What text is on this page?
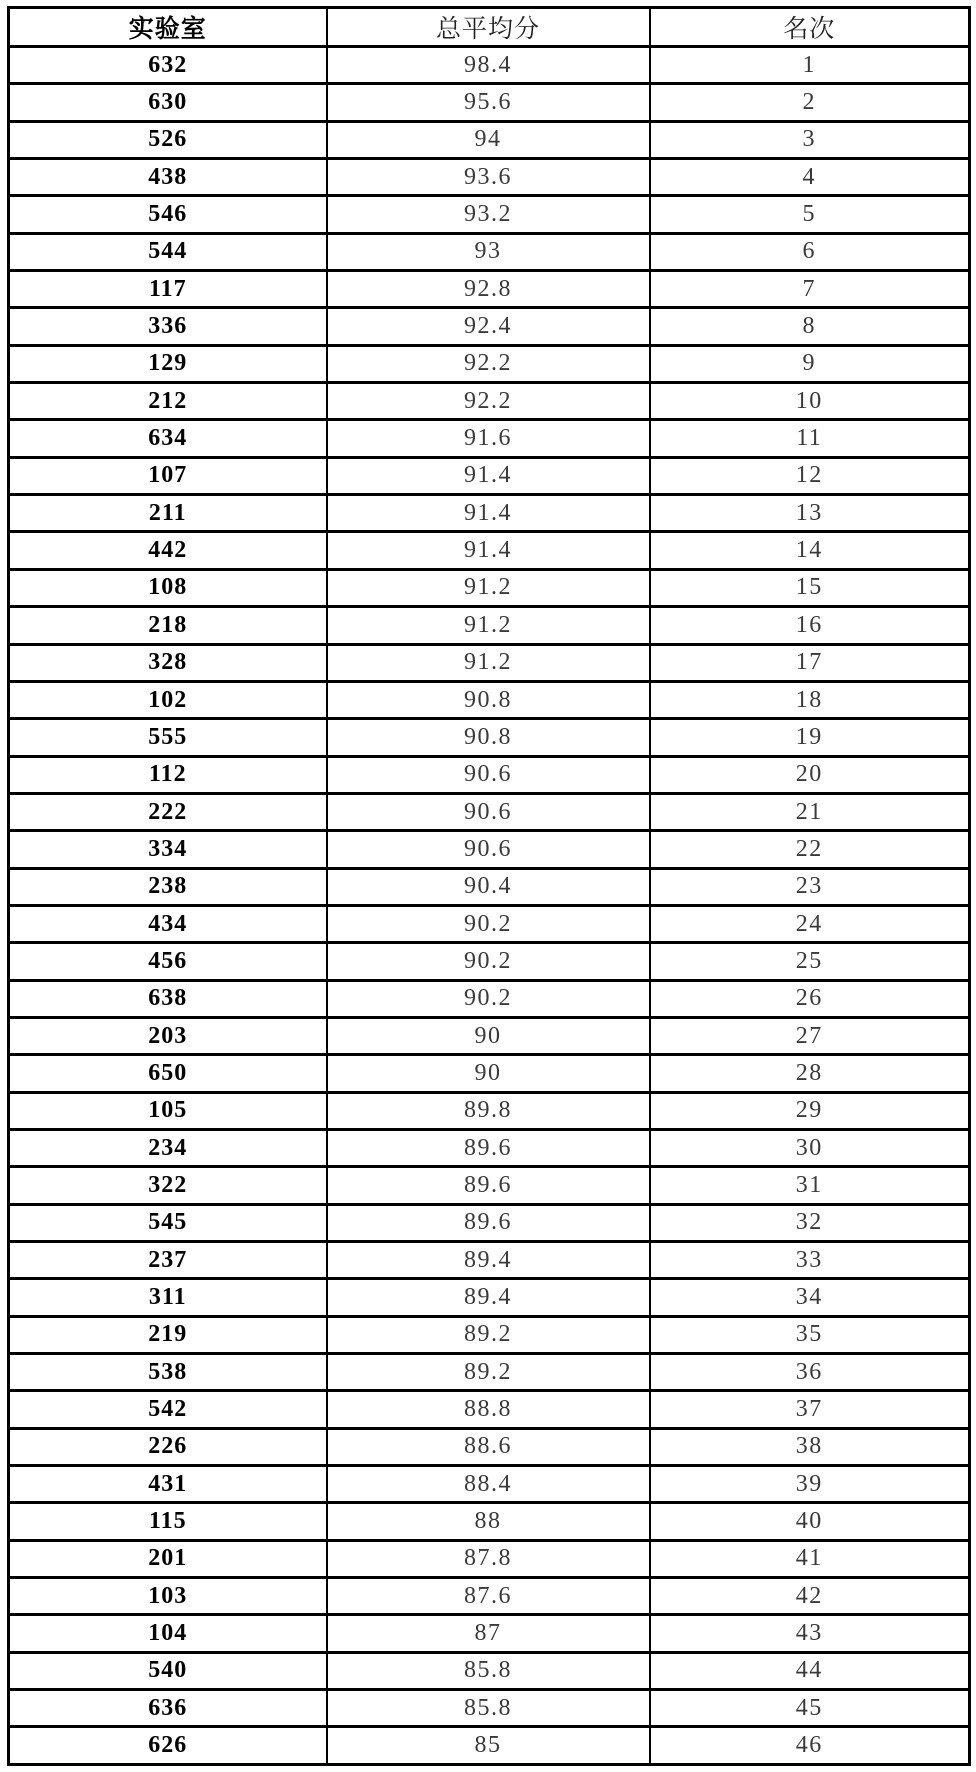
实验室	总平均分	名次
632	98.4	1
630	95.6	2
526	94	3
438	93.6	4
546	93.2	5
544	93	6
117	92.8	7
336	92.4	8
129	92.2	9
212	92.2	10
634	91.6	11
107	91.4	12
211	91.4	13
442	91.4	14
108	91.2	15
218	91.2	16
328	91.2	17
102	90.8	18
555	90.8	19
112	90.6	20
222	90.6	21
334	90.6	22
238	90.4	23
434	90.2	24
456	90.2	25
638	90.2	26
203	90	27
650	90	28
105	89.8	29
234	89.6	30
322	89.6	31
545	89.6	32
237	89.4	33
311	89.4	34
219	89.2	35
538	89.2	36
542	88.8	37
226	88.6	38
431	88.4	39
115	88	40
201	87.8	41
103	87.6	42
104	87	43
540	85.8	44
636	85.8	45
626	85	46
